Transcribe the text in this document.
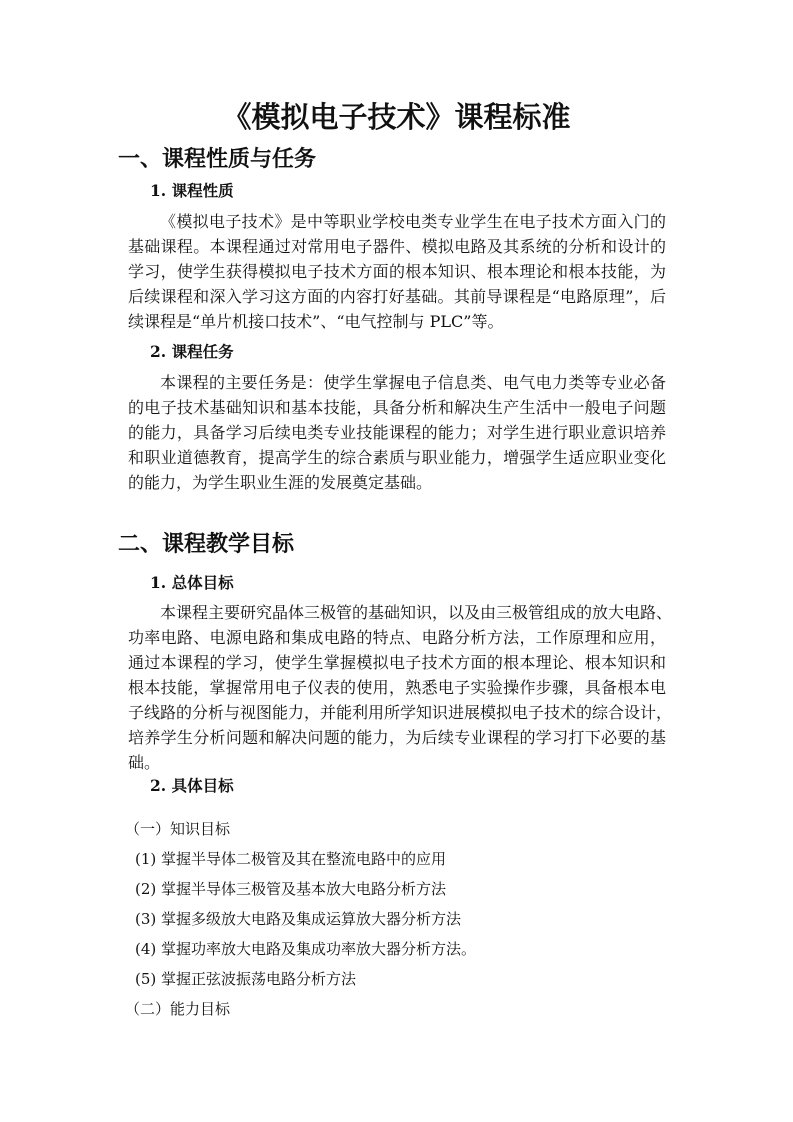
《模拟电子技术》课程标准
一、课程性质与任务
1. 课程性质
《模拟电子技术》是中等职业学校电类专业学生在电子技术方面入门的
基础课程。本课程通过对常用电子器件、模拟电路及其系统的分析和设计的
学习，使学生获得模拟电子技术方面的根本知识、根本理论和根本技能，为
后续课程和深入学习这方面的内容打好基础。其前导课程是“电路原理”，后
续课程是“单片机接口技术”、“电气控制与 PLC”等。
2. 课程任务
本课程的主要任务是：使学生掌握电子信息类、电气电力类等专业必备
的电子技术基础知识和基本技能，具备分析和解决生产生活中一般电子问题
的能力，具备学习后续电类专业技能课程的能力；对学生进行职业意识培养
和职业道德教育，提高学生的综合素质与职业能力，增强学生适应职业变化
的能力，为学生职业生涯的发展奠定基础。
二、课程教学目标
1. 总体目标
本课程主要研究晶体三极管的基础知识，以及由三极管组成的放大电路、
功率电路、电源电路和集成电路的特点、电路分析方法，工作原理和应用，
通过本课程的学习，使学生掌握模拟电子技术方面的根本理论、根本知识和
根本技能，掌握常用电子仪表的使用，熟悉电子实验操作步骤，具备根本电
子线路的分析与视图能力，并能利用所学知识进展模拟电子技术的综合设计，
培养学生分析问题和解决问题的能力，为后续专业课程的学习打下必要的基
础。
2. 具体目标
（一）知识目标
(1) 掌握半导体二极管及其在整流电路中的应用
(2) 掌握半导体三极管及基本放大电路分析方法
(3) 掌握多级放大电路及集成运算放大器分析方法
(4) 掌握功率放大电路及集成功率放大器分析方法。
(5) 掌握正弦波振荡电路分析方法
（二）能力目标
